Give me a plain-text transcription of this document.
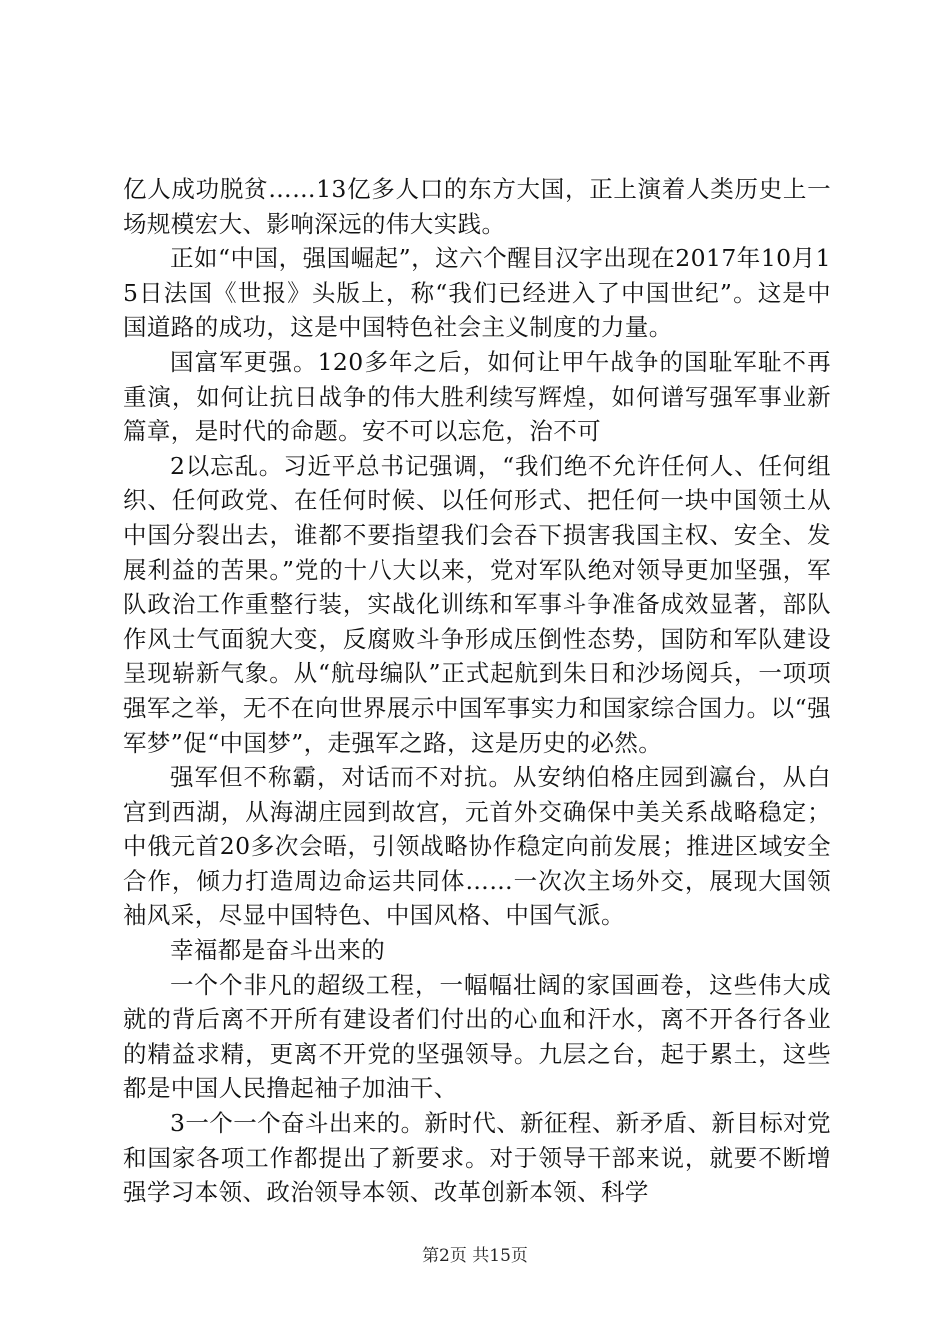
亿人成功脱贫……13亿多人口的东方大国，正上演着人类历史上一场规模宏大、影响深远的伟大实践。

正如“中国，强国崛起”，这六个醒目汉字出现在2017年10月15日法国《世报》头版上，称“我们已经进入了中国世纪”。这是中国道路的成功，这是中国特色社会主义制度的力量。

国富军更强。120多年之后，如何让甲午战争的国耻军耻不再重演，如何让抗日战争的伟大胜利续写辉煌，如何谱写强军事业新篇章，是时代的命题。安不可以忘危，治不可

2以忘乱。习近平总书记强调，“我们绝不允许任何人、任何组织、任何政党、在任何时候、以任何形式、把任何一块中国领土从中国分裂出去，谁都不要指望我们会吞下损害我国主权、安全、发展利益的苦果。”党的十八大以来，党对军队绝对领导更加坚强，军队政治工作重整行装，实战化训练和军事斗争准备成效显著，部队作风士气面貌大变，反腐败斗争形成压倒性态势，国防和军队建设呈现崭新气象。从“航母编队”正式起航到朱日和沙场阅兵，一项项强军之举，无不在向世界展示中国军事实力和国家综合国力。以“强军梦”促“中国梦”，走强军之路，这是历史的必然。

强军但不称霸，对话而不对抗。从安纳伯格庄园到瀛台，从白宫到西湖，从海湖庄园到故宫，元首外交确保中美关系战略稳定；中俄元首20多次会晤，引领战略协作稳定向前发展；推进区域安全合作，倾力打造周边命运共同体……一次次主场外交，展现大国领袖风采，尽显中国特色、中国风格、中国气派。

幸福都是奋斗出来的

一个个非凡的超级工程，一幅幅壮阔的家国画卷，这些伟大成就的背后离不开所有建设者们付出的心血和汗水，离不开各行各业的精益求精，更离不开党的坚强领导。九层之台，起于累土，这些都是中国人民撸起袖子加油干、

3一个一个奋斗出来的。新时代、新征程、新矛盾、新目标对党和国家各项工作都提出了新要求。对于领导干部来说，就要不断增强学习本领、政治领导本领、改革创新本领、科学

第2页 共15页
